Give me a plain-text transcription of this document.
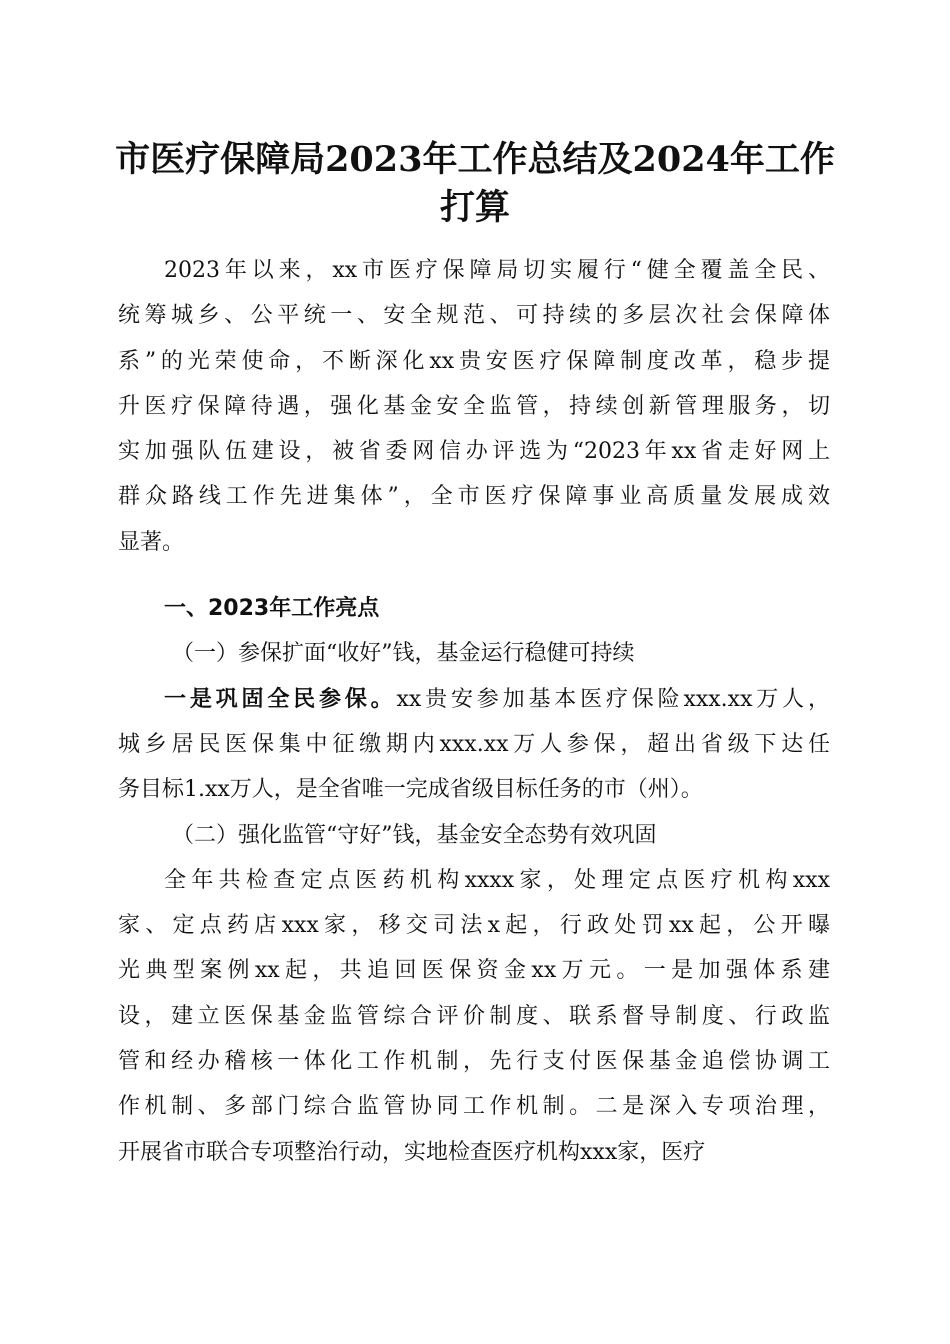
市医疗保障局2023年工作总结及2024年工作
打算
2023年以来，xx市医疗保障局切实履行“健全覆盖全民、
统筹城乡、公平统一、安全规范、可持续的多层次社会保障体
系”的光荣使命，不断深化xx贵安医疗保障制度改革，稳步提
升医疗保障待遇，强化基金安全监管，持续创新管理服务，切
实加强队伍建设，被省委网信办评选为“2023年xx省走好网上
群众路线工作先进集体”，全市医疗保障事业高质量发展成效
显著。
一、2023年工作亮点
（一）参保扩面“收好”钱，基金运行稳健可持续
一是巩固全民参保。xx贵安参加基本医疗保险xxx.xx万人，
城乡居民医保集中征缴期内xxx.xx万人参保，超出省级下达任
务目标1.xx万人，是全省唯一完成省级目标任务的市（州）。
（二）强化监管“守好”钱，基金安全态势有效巩固
全年共检查定点医药机构xxxx家，处理定点医疗机构xxx
家、定点药店xxx家，移交司法x起，行政处罚xx起，公开曝
光典型案例xx起，共追回医保资金xx万元。一是加强体系建
设，建立医保基金监管综合评价制度、联系督导制度、行政监
管和经办稽核一体化工作机制，先行支付医保基金追偿协调工
作机制、多部门综合监管协同工作机制。二是深入专项治理，
开展省市联合专项整治行动，实地检查医疗机构xxx家，医疗
